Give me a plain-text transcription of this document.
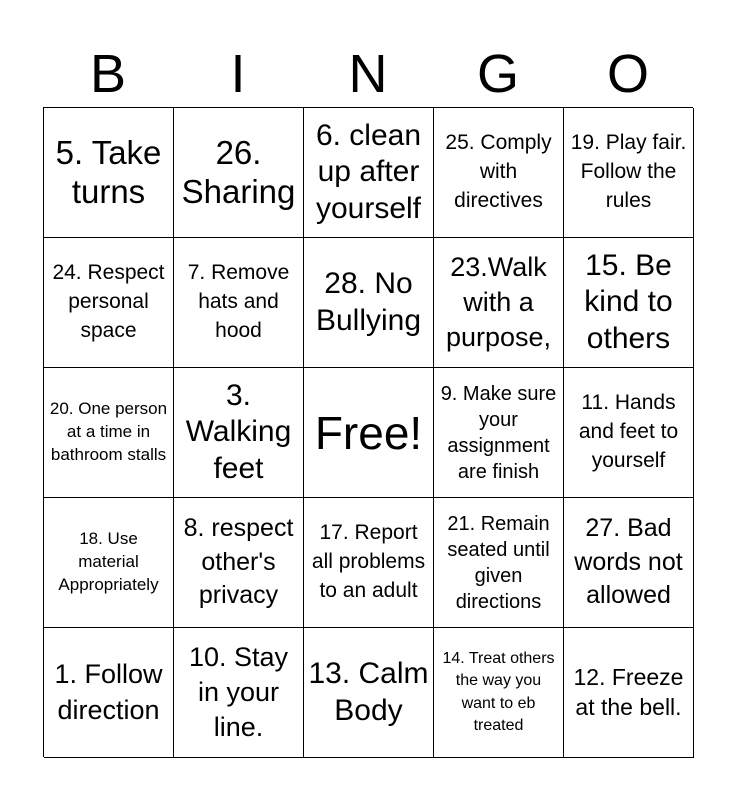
B	I	N	G	O
5. Take turns
26. Sharing
6. clean up after yourself
25. Comply with directives
19. Play fair. Follow the rules
24. Respect personal space
7. Remove hats and hood
28. No Bullying
23.Walk with a purpose,
15. Be kind to others
20. One person at a time in bathroom stalls
3. Walking feet
Free!
9. Make sure your assignment are finish
11. Hands and feet to yourself
18. Use material Appropriately
8. respect other's privacy
17. Report all problems to an adult
21. Remain seated until given directions
27. Bad words not allowed
1. Follow direction
10. Stay in your line.
13. Calm Body
14. Treat others the way you want to eb treated
12. Freeze at the bell.
